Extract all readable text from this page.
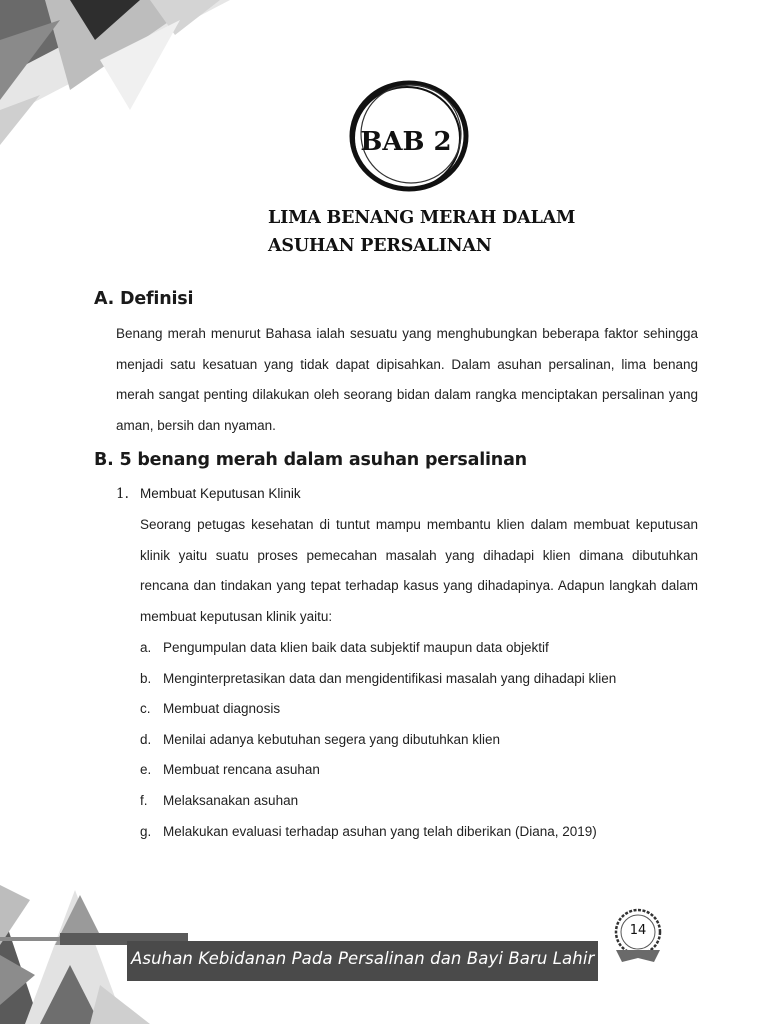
BAB 2
LIMA BENANG MERAH DALAM
ASUHAN PERSALINAN
A. Definisi
Benang merah menurut Bahasa ialah sesuatu yang menghubungkan beberapa faktor sehingga menjadi satu kesatuan yang tidak dapat dipisahkan. Dalam asuhan persalinan, lima benang merah sangat penting dilakukan oleh seorang bidan dalam rangka menciptakan persalinan yang aman, bersih dan nyaman.
B. 5 benang merah dalam asuhan persalinan
1. Membuat Keputusan Klinik
Seorang petugas kesehatan di tuntut mampu membantu klien dalam membuat keputusan klinik yaitu suatu proses pemecahan masalah yang dihadapi klien dimana dibutuhkan rencana dan tindakan yang tepat terhadap kasus yang dihadapinya. Adapun langkah dalam membuat keputusan klinik yaitu:
a. Pengumpulan data klien baik data subjektif maupun data objektif
b. Menginterpretasikan data dan mengidentifikasi masalah yang dihadapi klien
c. Membuat diagnosis
d. Menilai adanya kebutuhan segera yang dibutuhkan klien
e. Membuat rencana asuhan
f. Melaksanakan asuhan
g. Melakukan evaluasi terhadap asuhan yang telah diberikan (Diana, 2019)
Asuhan Kebidanan Pada Persalinan dan Bayi Baru Lahir
14
